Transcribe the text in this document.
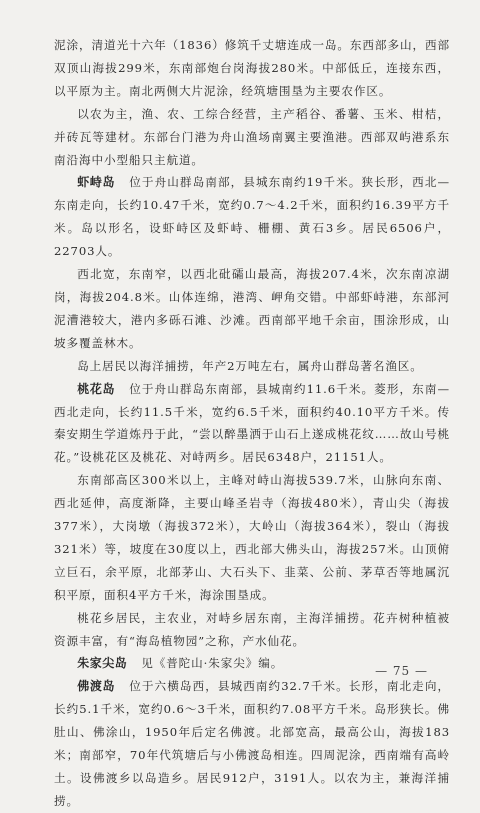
泥涂，清道光十六年（1836）修筑千丈塘连成一岛。东西部多山，西部双顶山海拔299米，东南部炮台岗海拔280米。中部低丘，连接东西，以平原为主。南北两侧大片泥涂，经筑塘围垦为主要农作区。

以农为主，渔、农、工综合经营，主产稻谷、番薯、玉米、柑桔，并砖瓦等建材。东部台门港为舟山渔场南翼主要渔港。西部双屿港系东南沿海中小型船只主航道。

虾峙岛 位于舟山群岛南部，县城东南约19千米。狭长形，西北—东南走向，长约10.47千米，宽约0.7～4.2千米，面积约16.39平方千米。岛以形名，设虾峙区及虾峙、栅棚、黄石3乡。居民6506户，22703人。

西北宽，东南窄，以西北砒礵山最高，海拔207.4米，次东南凉湖岗，海拔204.8米。山体连绵，港湾、岬角交错。中部虾峙港，东部河泥漕港较大，港内多砾石滩、沙滩。西南部平地千余亩，围涂形成，山坡多覆盖林木。

岛上居民以海洋捕捞，年产2万吨左右，属舟山群岛著名渔区。

桃花岛 位于舟山群岛东南部，县城南约11.6千米。菱形，东南—西北走向，长约11.5千米，宽约6.5千米，面积约40.10平方千米。传秦安期生学道炼丹于此，“尝以醉墨洒于山石上遂成桃花纹……故山号桃花。”设桃花区及桃花、对峙两乡。居民6348户，21151人。

东南部高区300米以上，主峰对峙山海拔539.7米，山脉向东南、西北延伸，高度渐降，主要山峰圣岩寺（海拔480米），青山尖（海拔377米），大岗墩（海拔372米），大岭山（海拔364米），裂山（海拔321米）等，坡度在30度以上，西北部大佛头山，海拔257米。山顶俯立巨石，余平原，北部茅山、大石头下、韭菜、公前、茅草否等地属沉积平原，面积4平方千米，海涂围垦成。

桃花乡居民，主农业，对峙乡居东南，主海洋捕捞。花卉树种植被资源丰富，有“海岛植物园”之称，产水仙花。

朱家尖岛 见《普陀山·朱家尖》编。

佛渡岛 位于六横岛西，县城西南约32.7千米。长形，南北走向，长约5.1千米，宽约0.6～3千米，面积约7.08平方千米。岛形狭长。佛肚山、佛涂山，1950年后定名佛渡。北部宽高，最高公山，海拔183米；南部窄，70年代筑塘后与小佛渡岛相连。四周泥涂，西南端有高岭土。设佛渡乡以岛造乡。居民912户，3191人。以农为主，兼海洋捕捞。

— 75 —
